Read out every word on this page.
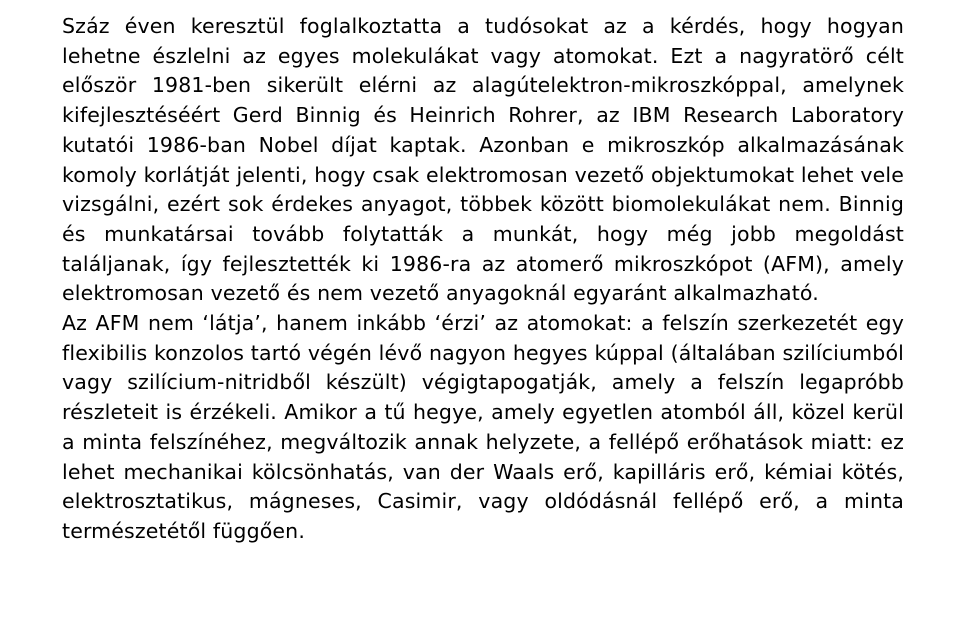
Száz éven keresztül foglalkoztatta a tudósokat az a kérdés, hogy hogyan lehetne észlelni az egyes molekulákat vagy atomokat. Ezt a nagyratörő célt először 1981-ben sikerült elérni az alagútelektron-mikroszkóppal, amelynek kifejlesztéséért Gerd Binnig és Heinrich Rohrer, az IBM Research Laboratory kutatói 1986-ban Nobel díjat kaptak. Azonban e mikroszkóp alkalmazásának komoly korlátját jelenti, hogy csak elektromosan vezető objektumokat lehet vele vizsgálni, ezért sok érdekes anyagot, többek között biomolekulákat nem. Binnig és munkatársai tovább folytatták a munkát, hogy még jobb megoldást találjanak, így fejlesztették ki 1986-ra az atomerő mikroszkópot (AFM), amely elektromosan vezető és nem vezető anyagoknál egyaránt alkalmazható.

Az AFM nem ‘látja’, hanem inkább ‘érzi’ az atomokat: a felszín szerkezetét egy flexibilis konzolos tartó végén lévő nagyon hegyes kúppal (általában szilíciumból vagy szilícium-nitridből készült) végigtapogatják, amely a felszín legapróbb részleteit is érzékeli. Amikor a tű hegye, amely egyetlen atomból áll, közel kerül a minta felszínéhez, megváltozik annak helyzete, a fellépő erőhatások miatt: ez lehet mechanikai kölcsönhatás, van der Waals erő, kapilláris erő, kémiai kötés, elektrosztatikus, mágneses, Casimir, vagy oldódásnál fellépő erő, a minta természetétől függően.
